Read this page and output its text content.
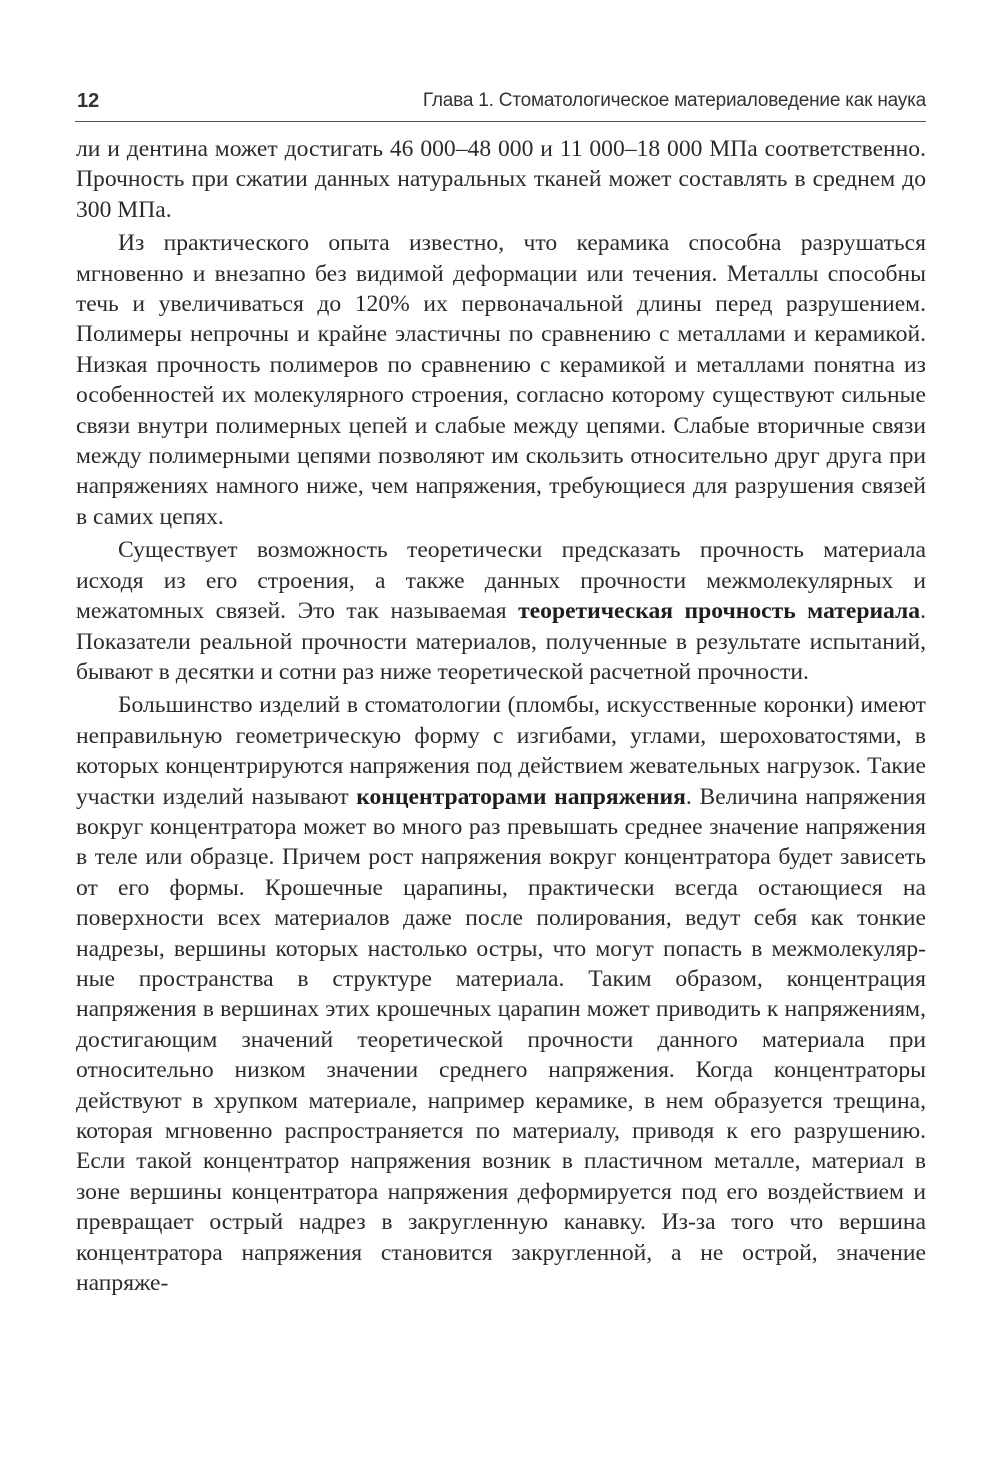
12	Глава 1. Стоматологическое материаловедение как наука

ли и дентина может достигать 46 000–48 000 и 11 000–18 000 МПа соответственно. Прочность при сжатии данных натуральных тканей может составлять в среднем до 300 МПа.

Из практического опыта известно, что керамика способна разрушаться мгновенно и внезапно без видимой деформации или течения. Металлы способны течь и увеличиваться до 120% их первоначальной длины перед разрушением. Полимеры непрочны и крайне эластичны по сравнению с металлами и керамикой. Низкая прочность полимеров по сравнению с керамикой и металлами понятна из особенностей их молекулярного строения, согласно которому существуют сильные связи внутри полимерных цепей и слабые между цепями. Слабые вторичные связи между полимерными цепями позволяют им скользить относительно друг друга при напряжениях намного ниже, чем напряжения, требующиеся для разрушения связей в самих цепях.

Существует возможность теоретически предсказать прочность материала исходя из его строения, а также данных прочности межмолекулярных и межатомных связей. Это так называемая теоретическая прочность материала. Показатели реальной прочности материалов, полученные в результате испытаний, бывают в десятки и сотни раз ниже теоретической расчетной прочности.

Большинство изделий в стоматологии (пломбы, искусственные коронки) имеют неправильную геометрическую форму с изгибами, углами, шероховатостями, в которых концентрируются напряжения под действием жевательных нагрузок. Такие участки изделий называют концентраторами напряжения. Величина напряжения вокруг концентратора может во много раз превышать среднее значение напряжения в теле или образце. Причем рост напряжения вокруг концентратора будет зависеть от его формы. Крошечные царапины, практически всегда остающиеся на поверхности всех материалов даже после полирования, ведут себя как тонкие надрезы, вершины которых настолько остры, что могут попасть в межмолекулярные пространства в структуре материала. Таким образом, концентрация напряжения в вершинах этих крошечных царапин может приводить к напряжениям, достигающим значений теоретической прочности данного материала при относительно низком значении среднего напряжения. Когда концентраторы действуют в хрупком материале, например керамике, в нем образуется трещина, которая мгновенно распространяется по материалу, приводя к его разрушению. Если такой концентратор напряжения возник в пластичном металле, материал в зоне вершины концентратора напряжения деформируется под его воздействием и превращает острый надрез в закругленную канавку. Из-за того что вершина концентратора напряжения становится закругленной, а не острой, значение напряже-
